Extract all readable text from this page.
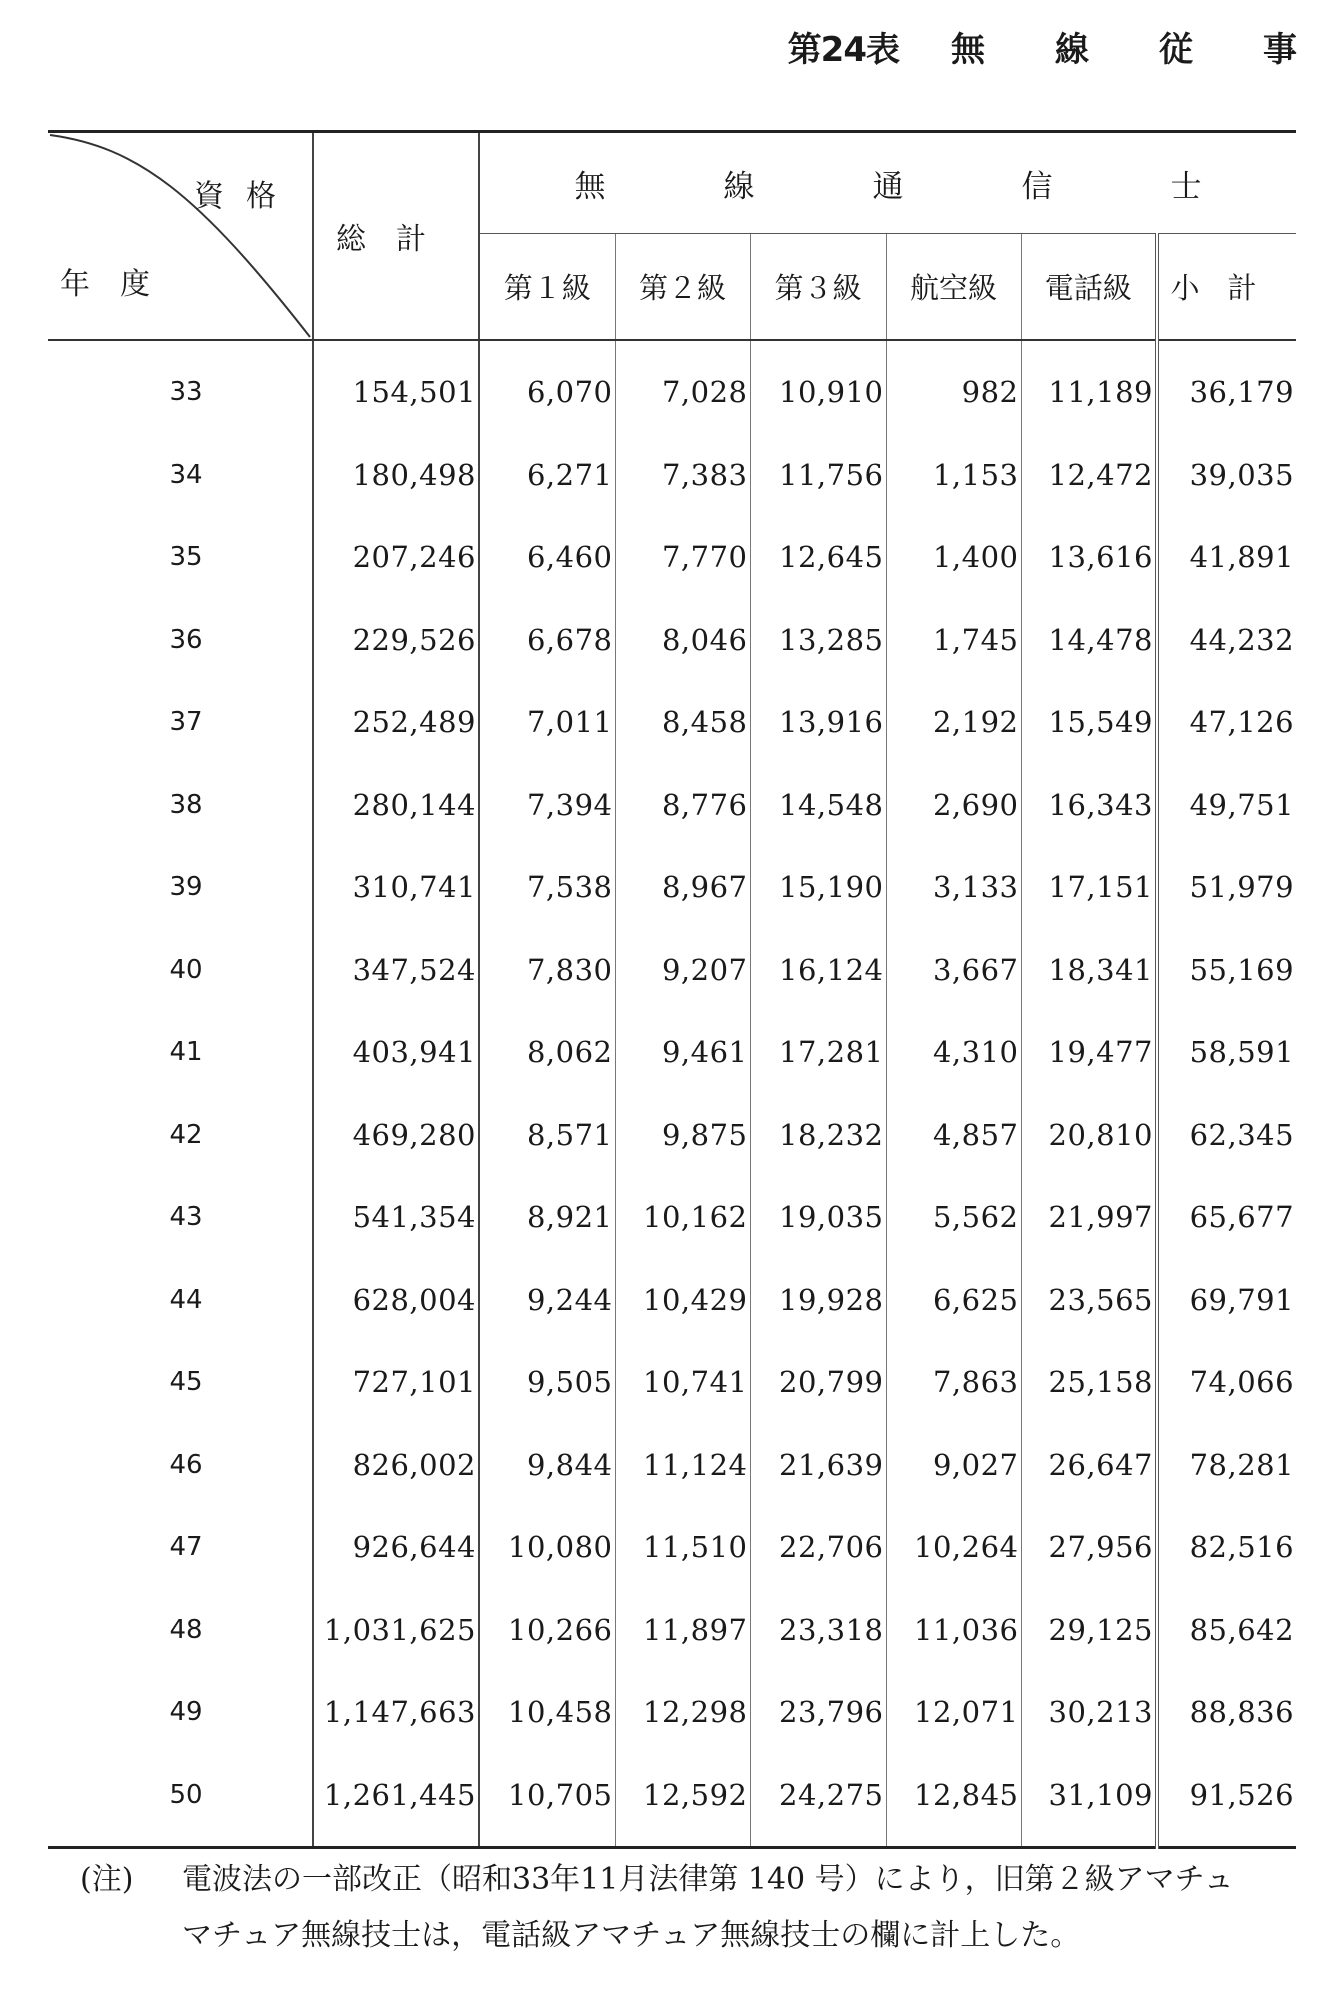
第24表 無 線 従 事
資格
年度	総計	無 線 通 信 士					

		第１級	第２級	第３級	航空級	電話級	小計
33	154,501	6,070	7,028	10,910	982	11,189	36,179
34	180,498	6,271	7,383	11,756	1,153	12,472	39,035
35	207,246	6,460	7,770	12,645	1,400	13,616	41,891
36	229,526	6,678	8,046	13,285	1,745	14,478	44,232
37	252,489	7,011	8,458	13,916	2,192	15,549	47,126
38	280,144	7,394	8,776	14,548	2,690	16,343	49,751
39	310,741	7,538	8,967	15,190	3,133	17,151	51,979
40	347,524	7,830	9,207	16,124	3,667	18,341	55,169
41	403,941	8,062	9,461	17,281	4,310	19,477	58,591
42	469,280	8,571	9,875	18,232	4,857	20,810	62,345
43	541,354	8,921	10,162	19,035	5,562	21,997	65,677
44	628,004	9,244	10,429	19,928	6,625	23,565	69,791
45	727,101	9,505	10,741	20,799	7,863	25,158	74,066
46	826,002	9,844	11,124	21,639	9,027	26,647	78,281
47	926,644	10,080	11,510	22,706	10,264	27,956	82,516
48	1,031,625	10,266	11,897	23,318	11,036	29,125	85,642
49	1,147,663	10,458	12,298	23,796	12,071	30,213	88,836
50	1,261,445	10,705	12,592	24,275	12,845	31,109	91,526
(注)	電波法の一部改正（昭和33年11月法律第 140 号）により，旧第２級アマチュ
マチュア無線技士は，電話級アマチュア無線技士の欄に計上した。
